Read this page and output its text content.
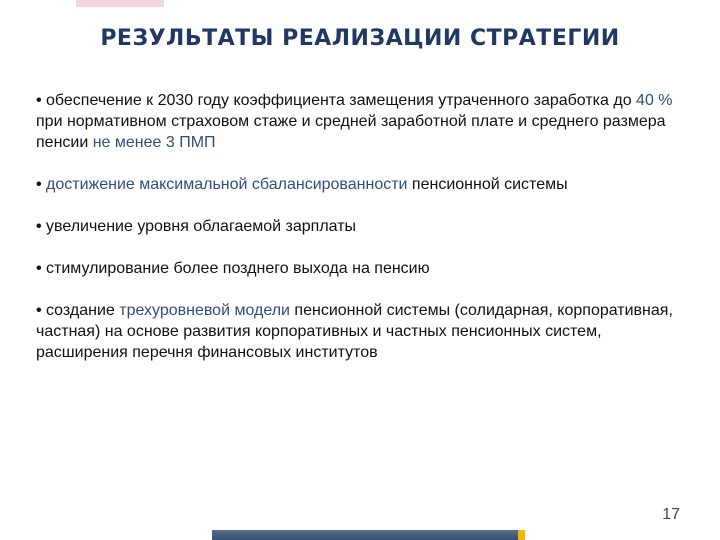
РЕЗУЛЬТАТЫ РЕАЛИЗАЦИИ СТРАТЕГИИ
• обеспечение к 2030 году коэффициента замещения утраченного заработка до 40 % при нормативном страховом стаже и средней заработной плате и среднего размера пенсии не менее 3 ПМП
• достижение максимальной сбалансированности пенсионной системы
• увеличение уровня облагаемой зарплаты
• стимулирование более позднего выхода на пенсию
• создание трехуровневой модели пенсионной системы (солидарная, корпоративная, частная) на основе развития корпоративных и частных пенсионных систем, расширения перечня финансовых институтов
17
